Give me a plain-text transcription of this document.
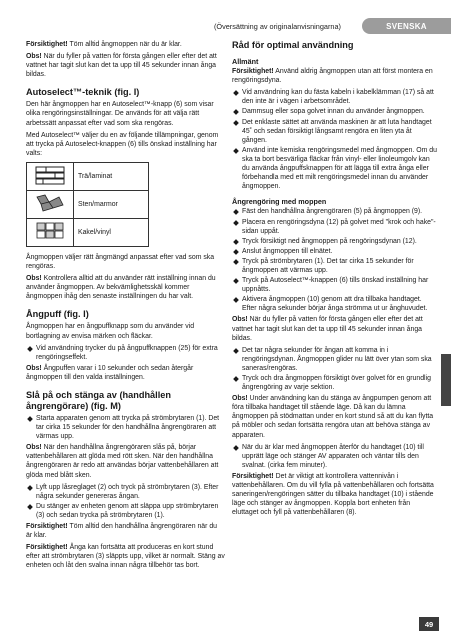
(Översättning av originalanvisningarna)	SVENSKA

Försiktighet! Töm alltid ångmoppen när du är klar.

Obs! När du fyller på vatten för första gången eller efter det att vattnet har tagit slut kan det ta upp till 45 sekunder innan ånga bildas.

Autoselect™-teknik (fig. I)

Den här ångmoppen har en Autoselect™-knapp (6) som visar olika rengöringsinställningar. De används för att välja rätt arbetssätt anpassat efter vad som ska rengöras.

Med Autoselect™ väljer du en av följande tillämpningar, genom att trycka på Autoselect-knappen (6) tills önskad inställning har valts:

	Trä/laminat
	Sten/marmor
	Kakel/vinyl

Ångmoppen väljer rätt ångmängd anpassat efter vad som ska rengöras.

Obs! Kontrollera alltid att du använder rätt inställning innan du använder ångmoppen. Av bekvämlighetsskäl kommer ångmoppen ihåg den senaste inställningen du har valt.

Ångpuff (fig. I)

Ångmoppen har en ångpuffknapp som du använder vid bortlagning av envisa märken och fläckar.

Vid användning trycker du på ångpuffknappen (25) för extra rengöringseffekt.

Obs! Ångpuffen varar i 10 sekunder och sedan återgår ångmoppen till den valda inställningen.

Slå på och stänga av (handhållen ångrengörare) (fig. M)
Starta apparaten genom att trycka på strömbrytaren (1). Det tar cirka 15 sekunder för den handhållna ångrengöraren att värmas upp.

Obs! När den handhållna ångrengöraren slås på, börjar vattenbehållaren att glöda med rött sken. När den handhållna ångrengöraren är redo att användas börjar vattenbehållaren att glöda med blått sken.

Lyft upp låsreglaget (2) och tryck på strömbrytaren (3). Efter några sekunder genereras ångan.
Du stänger av enheten genom att släppa upp strömbrytaren (3) och sedan trycka på strömbrytaren (1).

Försiktighet! Töm alltid den handhållna ångrengöraren när du är klar.

Försiktighet! Ånga kan fortsätta att produceras en kort stund efter att strömbrytaren (3) släppts upp, vilket är normalt. Stäng av enheten och låt den svalna innan några tillbehör tas bort.

Råd för optimal användning
Allmänt

Försiktighet! Använd aldrig ångmoppen utan att först montera en rengöringsdyna.

Vid användning kan du fästa kabeln i kabelklämman (17) så att den inte är i vägen i arbetsområdet.
Dammsug eller sopa golvet innan du använder ångmoppen.
Det enklaste sättet att använda maskinen är att luta handtaget 45˚ och sedan försiktigt långsamt rengöra en liten yta åt gången.
Använd inte kemiska rengöringsmedel med ångmoppen. Om du ska ta bort besvärliga fläckar från vinyl- eller linoleumgolv kan du använda ångpuffsknappen för att lägga till extra ånga eller förbehandla med ett milt rengöringsmedel innan du använder ångmoppen.
Ångrengöring med moppen
Fäst den handhållna ångrengöraren (5) på ångmoppen (9).
Placera en rengöringsdyna (12) på golvet med "krok och hake"-sidan uppåt.
Tryck försiktigt ned ångmoppen på rengöringsdynan (12).
Anslut ångmoppen till elnätet.
Tryck på strömbrytaren (1). Det tar cirka 15 sekunder för ångmoppen att värmas upp.
Tryck på Autoselect™-knappen (6) tills önskad inställning har uppnåtts.
Aktivera ångmoppen (10) genom att dra tillbaka handtaget. Efter några sekunder börjar ånga strömma ut ur ånghuvudet.

Obs! När du fyller på vatten för första gången eller efter det att vattnet har tagit slut kan det ta upp till 45 sekunder innan ånga bildas.

Det tar några sekunder för ångan att komma in i rengöringsdynan. Ångmoppen glider nu lätt över ytan som ska saneras/rengöras.
Tryck och dra ångmoppen försiktigt över golvet för en grundlig ångrengöring av varje sektion.

Obs! Under användning kan du stänga av ångpumpen genom att föra tillbaka handtaget till stående läge. Då kan du lämna ångmoppen på stödmattan under en kort stund så att du kan flytta på möbler och sedan fortsätta rengöra utan att behöva stänga av apparaten.

När du är klar med ångmoppen återför du handtaget (10) till upprätt läge och stänger AV apparaten och väntar tills den svalnat. (cirka fem minuter).

Försiktighet! Det är viktigt att kontrollera vattennivån i vattenbehållaren. Om du vill fylla på vattenbehållaren och fortsätta saneringen/rengöringen sätter du tillbaka handtaget (10) i stående läge och stänger av ångmoppen. Koppla bort enheten från eluttaget och fyll på vattenbehållaren (8).

49
